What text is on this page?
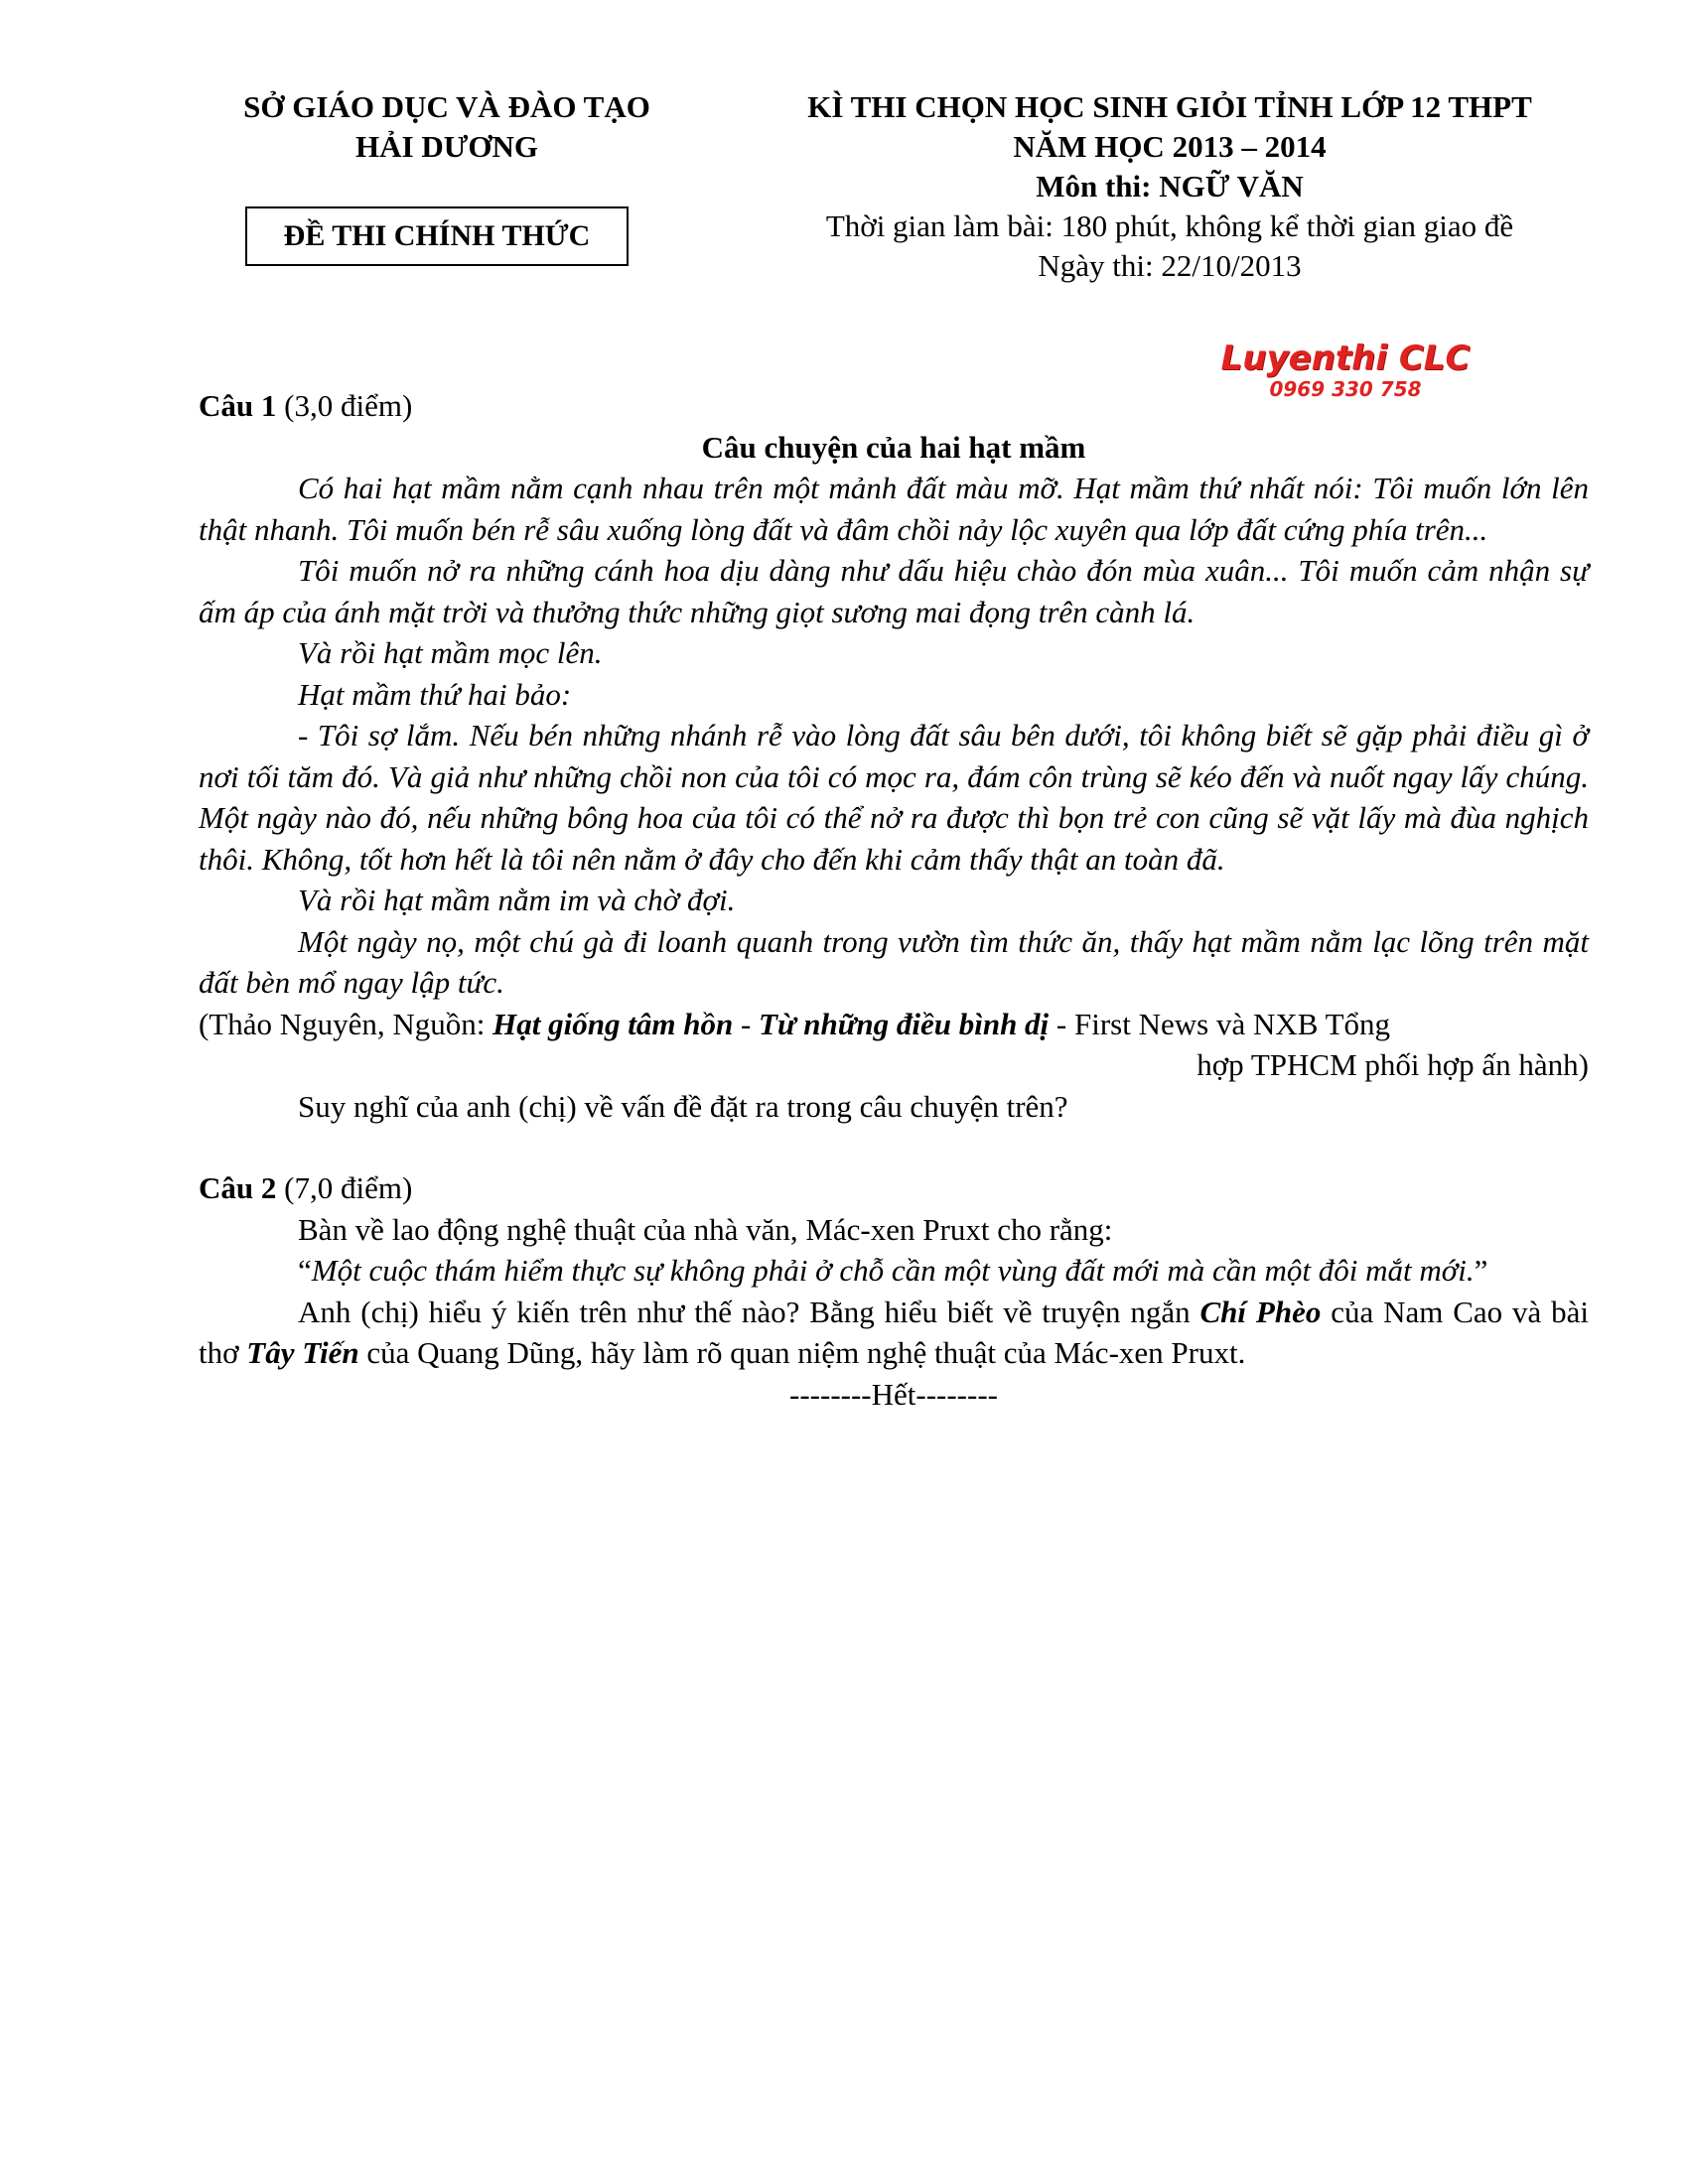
SỞ GIÁO DỤC VÀ ĐÀO TẠO
HẢI DƯƠNG
ĐỀ THI CHÍNH THỨC
KÌ THI CHỌN HỌC SINH GIỎI TỈNH LỚP 12 THPT
NĂM HỌC 2013 – 2014
Môn thi: NGỮ VĂN
Thời gian làm bài: 180 phút, không kể thời gian giao đề
Ngày thi: 22/10/2013
Luyenthi CLC
0969 330 758

Câu 1 (3,0 điểm)

Câu chuyện của hai hạt mầm

Có hai hạt mầm nằm cạnh nhau trên một mảnh đất màu mỡ. Hạt mầm thứ nhất nói: Tôi muốn lớn lên thật nhanh. Tôi muốn bén rễ sâu xuống lòng đất và đâm chồi nảy lộc xuyên qua lớp đất cứng phía trên...

Tôi muốn nở ra những cánh hoa dịu dàng như dấu hiệu chào đón mùa xuân... Tôi muốn cảm nhận sự ấm áp của ánh mặt trời và thưởng thức những giọt sương mai đọng trên cành lá.

Và rồi hạt mầm mọc lên.

Hạt mầm thứ hai bảo:

- Tôi sợ lắm. Nếu bén những nhánh rễ vào lòng đất sâu bên dưới, tôi không biết sẽ gặp phải điều gì ở nơi tối tăm đó. Và giả như những chồi non của tôi có mọc ra, đám côn trùng sẽ kéo đến và nuốt ngay lấy chúng. Một ngày nào đó, nếu những bông hoa của tôi có thể nở ra được thì bọn trẻ con cũng sẽ vặt lấy mà đùa nghịch thôi. Không, tốt hơn hết là tôi nên nằm ở đây cho đến khi cảm thấy thật an toàn đã.

Và rồi hạt mầm nằm im và chờ đợi.

Một ngày nọ, một chú gà đi loanh quanh trong vườn tìm thức ăn, thấy hạt mầm nằm lạc lõng trên mặt đất bèn mổ ngay lập tức.

(Thảo Nguyên, Nguồn: Hạt giống tâm hồn - Từ những điều bình dị - First News và NXB Tổng

hợp TPHCM phối hợp ấn hành)

Suy nghĩ của anh (chị) về vấn đề đặt ra trong câu chuyện trên?

Câu 2 (7,0 điểm)

Bàn về lao động nghệ thuật của nhà văn, Mác-xen Pruxt cho rằng:

“Một cuộc thám hiểm thực sự không phải ở chỗ cần một vùng đất mới mà cần một đôi mắt mới.”

Anh (chị) hiểu ý kiến trên như thế nào? Bằng hiểu biết về truyện ngắn Chí Phèo của Nam Cao và bài thơ Tây Tiến của Quang Dũng, hãy làm rõ quan niệm nghệ thuật của Mác-xen Pruxt.

--------Hết--------
